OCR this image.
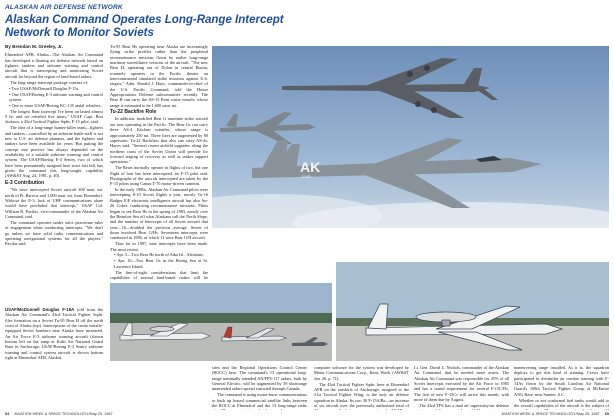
ALASKAN AIR DEFENSE NETWORK
Alaskan Command Operates Long-Range Intercept Network to Monitor Soviets
By Brendan M. Greeley, Jr.

Elmendorf AFB, Alaska—The Alaskan Air Command has developed a floating air defense network based on fighters, tankers and airborne warning and control aircraft that is intercepting and monitoring Soviet aircraft far beyond the region of land-based radars.

The long-range intercept package consists of:

• Two USAF/McDonnell Douglas F-15s.

• One USAF/Boeing E-3 airborne warning and control system.

• One or more USAF/Boeing KC-135 aerial refuelers.

The longest Bear intercept I've been on lasted almost 9 hr. and we refueled five times," USAF Capt. Bret Jackson, a 43rd Tactical Fighter Sqdn. F-15 pilot, said.

The idea of a long-range hunter-killer team—fighters and tankers—controlled by an airborne battle staff is not new to U.S. air defense planners, and the fighters and tankers have been available for years. But putting the concept into practice has always depended on the availability of a suitable airborne warning and control system. The USAF/Boeing E-3 Sentry, two of which have been permanently assigned here since last fall, has given the command this long-sought capability (AW&ST Aug. 24, 1981, p. 40).

E-3 Contribution

"We have intercepted Soviet aircraft 400 naut. mi. north of Pt. Barrow and 1,000 naut. mi. from Elmendorf. Without the E-3, lack of UHF communications alone would have precluded that intercept," USAF Col. William R. Pavilas, vice-commander of the Alaskan Air Command, said.

The command operates under strict peacetime rules of engagement when conducting intercepts. "We don't go unless we have solid radio communications and operating navigational systems for all the players," Pavilas said.

USAF/McDonnell Douglas F-15A (old from the Alaskan Air Command's 43rd Tactical Fighter Sqdn. files formation on a Soviet Tu-95 Bear H off the north coast of Alaska (top). Interceptions of the cruise missile-equipped Soviet bombers near Alaska have increased. An Air Force E-3 airborne warning aircraft (shown bottom left on the ramp at Kulis Air National Guard Base in Anchorage; USAF/Boeing E-3 Sentry airborne warning and control system aircraft is shown bottom right at Elmendorf AFB, Alaska).

Tu-95 Bear Hs operating near Alaska are increasingly flying strike profiles rather than the peripheral reconnaissance missions flown by earlier long-range maritime surveillance versions of the aircraft. "The new Bear H, operating out of Dolon in central Russia, routinely operates in the Pacific theater on intercontinental simulated strike missions against U.S. targets," Adm. Ronald J. Hays, commander-in-chief of the U.S. Pacific Command, told the House Appropriations Defense subcommittee recently. The Bear H can carry the AS-15 Kent cruise missile, whose range is estimated to be 1,600 naut. mi.

Tu-22 Backfire Role

In addition, modified Bear G maritime strike aircraft are now operating in the Pacific. The Bear Gs can carry three AS-4 Kitchen missiles, whose range is approximately 250 mi. Three fixes are augmented by 80 supersonic Tu-22 Backfires that also can carry AS-4s, Hayes said. "Several recent airfield upgrades along the northern coast of the Soviet Union will provide for forward staging of recovery as well as tanker support operations."

The Bears normally operate in flights of two, but one flight of four has been intercepted, an F-15 pilot said. Photographs of the aircraft intercepted are taken by the F-15 pilots using Canon T-70 motor-driven cameras.

In the early 1980s, Alaskan Air Command pilots were intercepting 8-10 Soviet flights a year, mostly Tu-16 Badger E/F electronic intelligence aircraft but also An-26 Cokes conducting reconnaissance missions. Pilots began to see Bear Hs in the spring of 1983, mostly over the Beaufort Sea off what Alaskans call the North Slope, and the number of intercepts of all Soviet aircraft that year—16—doubled the previous average. Seven of those involved Bear G/Hs. Seventeen intercepts were conducted in 1986, of which 11 were Bear G/H aircraft.

Thus far in 1987, nine intercepts have been made. The most recent:

• Apr. 5—Two Bear Hs north of Atka Isl., Aleutians.

• Apr. 10—Two Bear Gs in the Bering Sea at St. Lawrence Island.

The line-of-sight considerations that limit the capabilities of normal land-based radars will be

AK
0065

sites and the Regional Operations Control Center (ROCC) here. The command's 13 operational long-range minimally attended AN/FPS-117 radars, built by General Electric, will be augmented by 39 shortrange unattended radars spread eastward through Canada.

The command is using motor-burst communications to back up leased commercial satellite links between the ROCC at Elmendorf and the 13 long-range radar

computer software for the system was developed by Motor Communications Corp., Kent, Wash. (AW&ST Jan. 26, p. 71).

The 43rd Tactical Fighter Sqdn. here at Elmendorf AFB on the outskirts of Anchorage, assigned to the 21st Tactical Fighter Wing, is the only air defense squadron in Alaska. Its two 30 F-15A/Bs—an increase of six aircraft over the previously authorized total of

Lt. Gen. David L. Nichols, commander of the Alaskan Air Command, that he needed more assets. The Alaskan Air Command was responsible for 45% of all Soviet intercepts executed by the Air Force in 1985 and has a sound requirement for several F-15C/Ds. The first of new F-15Cs will arrive this month, with more of them due by August.

The 43rd TFS has a dual air superiority/air defense

maneuvering range installed. As it is, the squadron deploys to get this kind of training. Crews have participated in dissimilar air combat training with F-14As flown by the South Carolina Air National Guard's 169th Tactical Fighter Group at McEntire ANG Base, near Sumter, S.C.

Whether or not conformal fuel tanks would add to the overall capabilities of the aircraft is the subject of

64 AVIATION WEEK & SPACE TECHNOLOGY/May 25, 1987	AVIATION WEEK & SPACE TECHNOLOGY/May 25, 1987 65
